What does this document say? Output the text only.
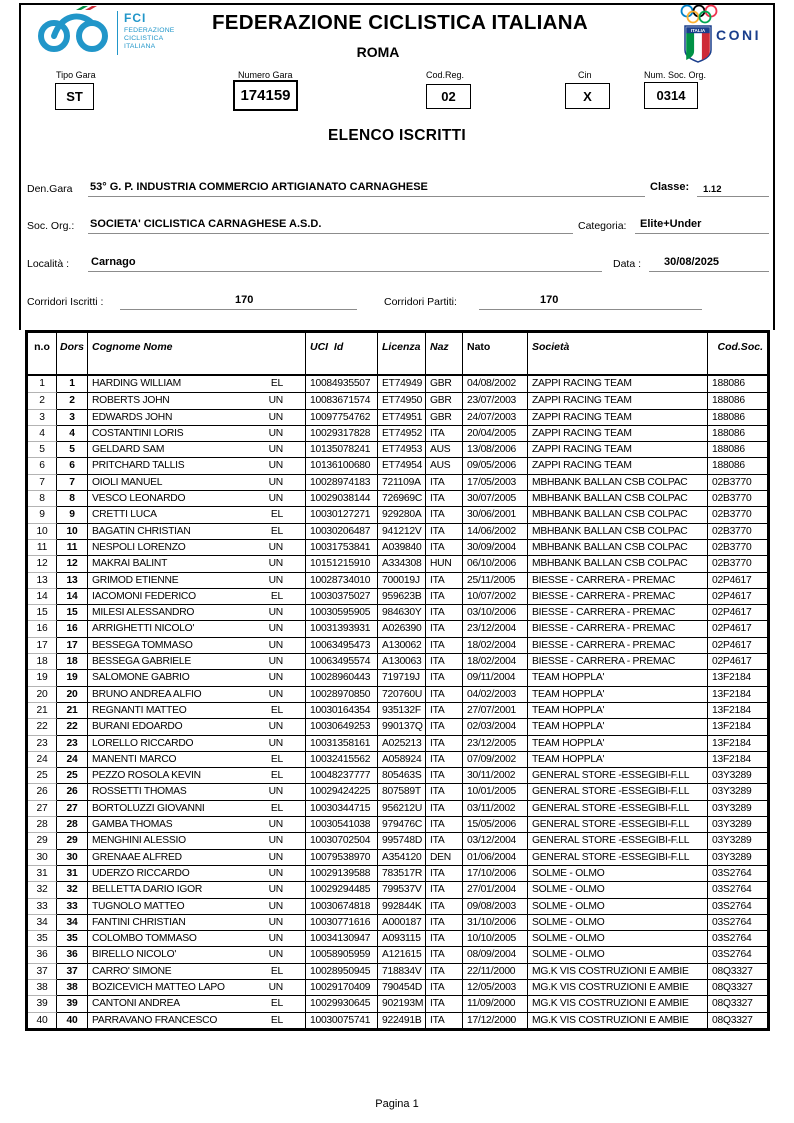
FCI
FEDERAZIONE
CICLISTICA
ITALIANA
FEDERAZIONE CICLISTICA ITALIANA
ROMA
ITALIA CONI
Tipo Gara	Numero Gara	Cod.Reg.	Cin	Num. Soc. Org.
ST	174159	02	X	0314
ELENCO ISCRITTI
Den.Gara 53° G. P. INDUSTRIA COMMERCIO ARTIGIANATO CARNAGHESE	Classe: 1.12
Soc. Org.: SOCIETA' CICLISTICA CARNAGHESE A.S.D.	Categoria: Elite+Under
Località : Carnago	Data : 30/08/2025
Corridori Iscritti :	170	Corridori Partiti:	170
n.o Dors Cognome Nome	UCI  Id	Licenza Naz	Nato	Società	Cod.Soc.
1	1	HARDING WILLIAM	EL	10084935507	ET74949 GBR	04/08/2002	ZAPPI RACING TEAM	188086
2	2	ROBERTS JOHN	UN	10083671574	ET74950 GBR	23/07/2003	ZAPPI RACING TEAM	188086
3	3	EDWARDS JOHN	UN	10097754762	ET74951 GBR	24/07/2003	ZAPPI RACING TEAM	188086
4	4	COSTANTINI LORIS	UN	10029317828	ET74952 ITA	20/04/2005	ZAPPI RACING TEAM	188086
5	5	GELDARD SAM	UN	10135078241	ET74953 AUS	13/08/2006	ZAPPI RACING TEAM	188086
6	6	PRITCHARD TALLIS	UN	10136100680	ET74954 AUS	09/05/2006	ZAPPI RACING TEAM	188086
7	7	OIOLI MANUEL	UN	10028974183	721109A ITA	17/05/2003	MBHBANK BALLAN CSB COLPAC	02B3770
8	8	VESCO LEONARDO	UN	10029038144	726969C ITA	30/07/2005	MBHBANK BALLAN CSB COLPAC	02B3770
9	9	CRETTI LUCA	EL	10030127271	929280A ITA	30/06/2001	MBHBANK BALLAN CSB COLPAC	02B3770
10	10	BAGATIN CHRISTIAN	EL	10030206487	941212V ITA	14/06/2002	MBHBANK BALLAN CSB COLPAC	02B3770
11	11	NESPOLI LORENZO	UN	10031753841	A039840 ITA	30/09/2004	MBHBANK BALLAN CSB COLPAC	02B3770
12	12	MAKRAI BALINT	UN	10151215910	A334308 HUN	06/10/2006	MBHBANK BALLAN CSB COLPAC	02B3770
13	13	GRIMOD ETIENNE	UN	10028734010	700019J ITA	25/11/2005	BIESSE - CARRERA - PREMAC	02P4617
14	14	IACOMONI FEDERICO	EL	10030375027	959623B ITA	10/07/2002	BIESSE - CARRERA - PREMAC	02P4617
15	15	MILESI ALESSANDRO	UN	10030595905	984630Y ITA	03/10/2006	BIESSE - CARRERA - PREMAC	02P4617
16	16	ARRIGHETTI NICOLO'	UN	10031393931	A026390 ITA	23/12/2004	BIESSE - CARRERA - PREMAC	02P4617
17	17	BESSEGA TOMMASO	UN	10063495473	A130062 ITA	18/02/2004	BIESSE - CARRERA - PREMAC	02P4617
18	18	BESSEGA GABRIELE	UN	10063495574	A130063 ITA	18/02/2004	BIESSE - CARRERA - PREMAC	02P4617
19	19	SALOMONE GABRIO	UN	10028960443	719719J ITA	09/11/2004	TEAM HOPPLA'	13F2184
20	20	BRUNO ANDREA ALFIO	UN	10028970850	720760U ITA	04/02/2003	TEAM HOPPLA'	13F2184
21	21	REGNANTI MATTEO	EL	10030164354	935132F ITA	27/07/2001	TEAM HOPPLA'	13F2184
22	22	BURANI EDOARDO	UN	10030649253	990137Q ITA	02/03/2004	TEAM HOPPLA'	13F2184
23	23	LORELLO RICCARDO	UN	10031358161	A025213 ITA	23/12/2005	TEAM HOPPLA'	13F2184
24	24	MANENTI MARCO	EL	10032415562	A058924 ITA	07/09/2002	TEAM HOPPLA'	13F2184
25	25	PEZZO ROSOLA KEVIN	EL	10048237777	805463S ITA	30/11/2002	GENERAL STORE -ESSEGIBI-F.LL	03Y3289
26	26	ROSSETTI THOMAS	UN	10029424225	807589T ITA	10/01/2005	GENERAL STORE -ESSEGIBI-F.LL	03Y3289
27	27	BORTOLUZZI GIOVANNI	EL	10030344715	956212U ITA	03/11/2002	GENERAL STORE -ESSEGIBI-F.LL	03Y3289
28	28	GAMBA THOMAS	UN	10030541038	979476C ITA	15/05/2006	GENERAL STORE -ESSEGIBI-F.LL	03Y3289
29	29	MENGHINI ALESSIO	UN	10030702504	995748D ITA	03/12/2004	GENERAL STORE -ESSEGIBI-F.LL	03Y3289
30	30	GRENAAE ALFRED	UN	10079538970	A354120 DEN	01/06/2004	GENERAL STORE -ESSEGIBI-F.LL	03Y3289
31	31	UDERZO RICCARDO	UN	10029139588	783517R ITA	17/10/2006	SOLME - OLMO	03S2764
32	32	BELLETTA DARIO IGOR	UN	10029294485	799537V ITA	27/01/2004	SOLME - OLMO	03S2764
33	33	TUGNOLO MATTEO	UN	10030674818	992844K ITA	09/08/2003	SOLME - OLMO	03S2764
34	34	FANTINI CHRISTIAN	UN	10030771616	A000187 ITA	31/10/2006	SOLME - OLMO	03S2764
35	35	COLOMBO TOMMASO	UN	10034130947	A093115 ITA	10/10/2005	SOLME - OLMO	03S2764
36	36	BIRELLO NICOLO'	UN	10058905959	A121615 ITA	08/09/2004	SOLME - OLMO	03S2764
37	37	CARRO' SIMONE	EL	10028950945	718834V ITA	22/11/2000	MG.K VIS COSTRUZIONI E AMBIE	08Q3327
38	38	BOZICEVICH MATTEO LAPO	UN	10029170409	790454D ITA	12/05/2003	MG.K VIS COSTRUZIONI E AMBIE	08Q3327
39	39	CANTONI ANDREA	EL	10029930645	902193M ITA	11/09/2000	MG.K VIS COSTRUZIONI E AMBIE	08Q3327
40	40	PARRAVANO FRANCESCO	EL	10030075741	922491B ITA	17/12/2000	MG.K VIS COSTRUZIONI E AMBIE	08Q3327
Pagina 1
